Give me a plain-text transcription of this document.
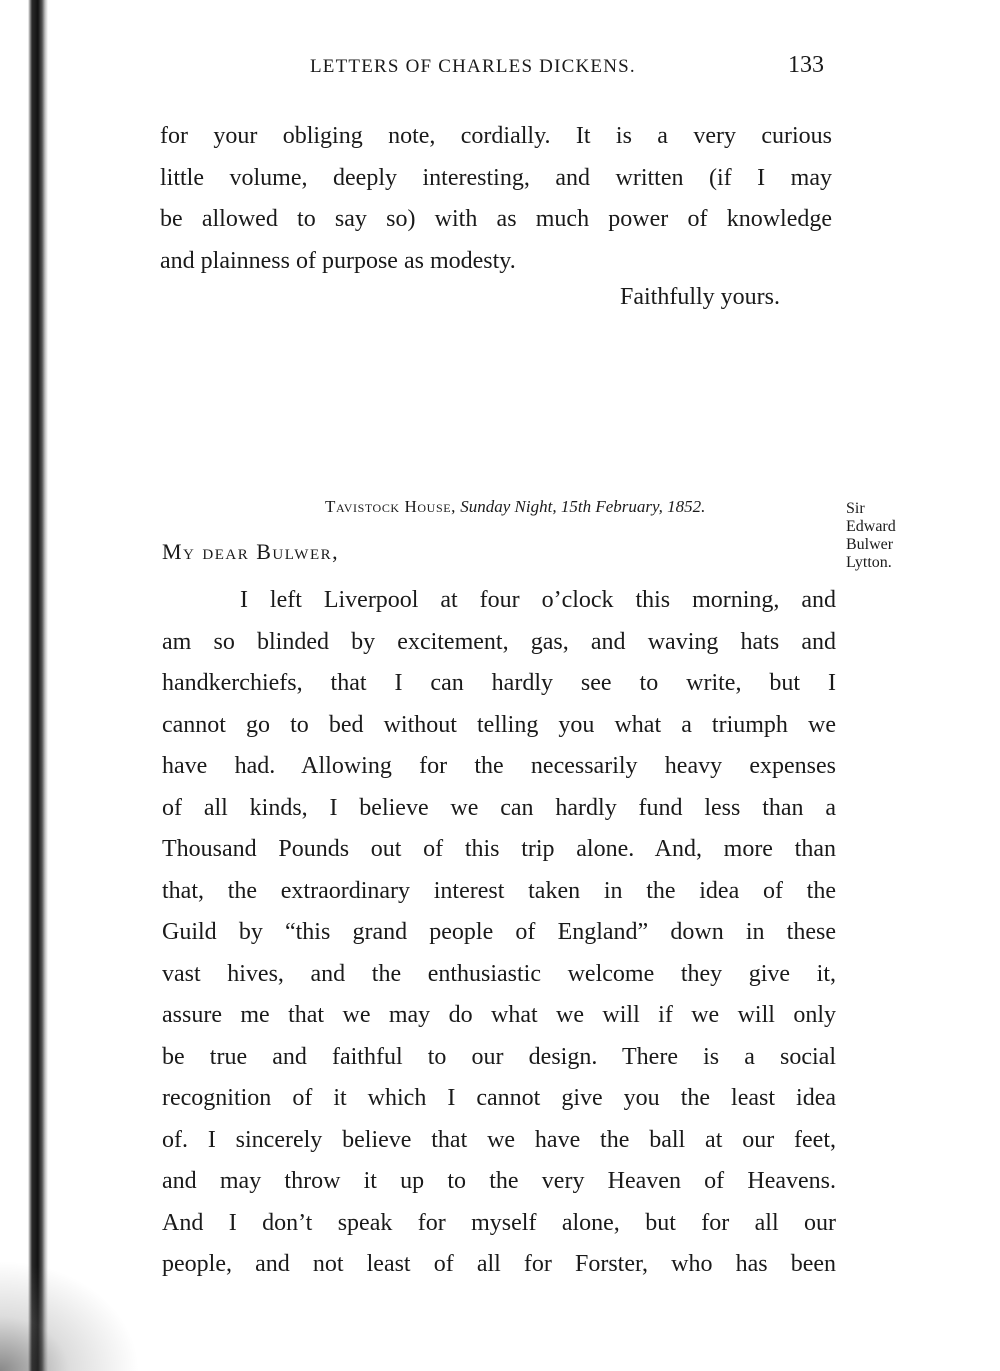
LETTERS OF CHARLES DICKENS.	133

for your obliging note, cordially. It is a very curious

little volume, deeply interesting, and written (if I may

be allowed to say so) with as much power of knowledge

and plainness of purpose as modesty.

Faithfully yours.
Tavistock House, Sunday Night, 15th February, 1852.	Sir
Edward
Bulwer
Lytton.
My dear Bulwer,

I left Liverpool at four o’clock this morning, and

am so blinded by excitement, gas, and waving hats and

handkerchiefs, that I can hardly see to write, but I

cannot go to bed without telling you what a triumph we

have had. Allowing for the necessarily heavy expenses

of all kinds, I believe we can hardly fund less than a

Thousand Pounds out of this trip alone. And, more than

that, the extraordinary interest taken in the idea of the

Guild by “this grand people of England” down in these

vast hives, and the enthusiastic welcome they give it,

assure me that we may do what we will if we will only

be true and faithful to our design. There is a social

recognition of it which I cannot give you the least idea

of. I sincerely believe that we have the ball at our feet,

and may throw it up to the very Heaven of Heavens.

And I don’t speak for myself alone, but for all our

people, and not least of all for Forster, who has been
